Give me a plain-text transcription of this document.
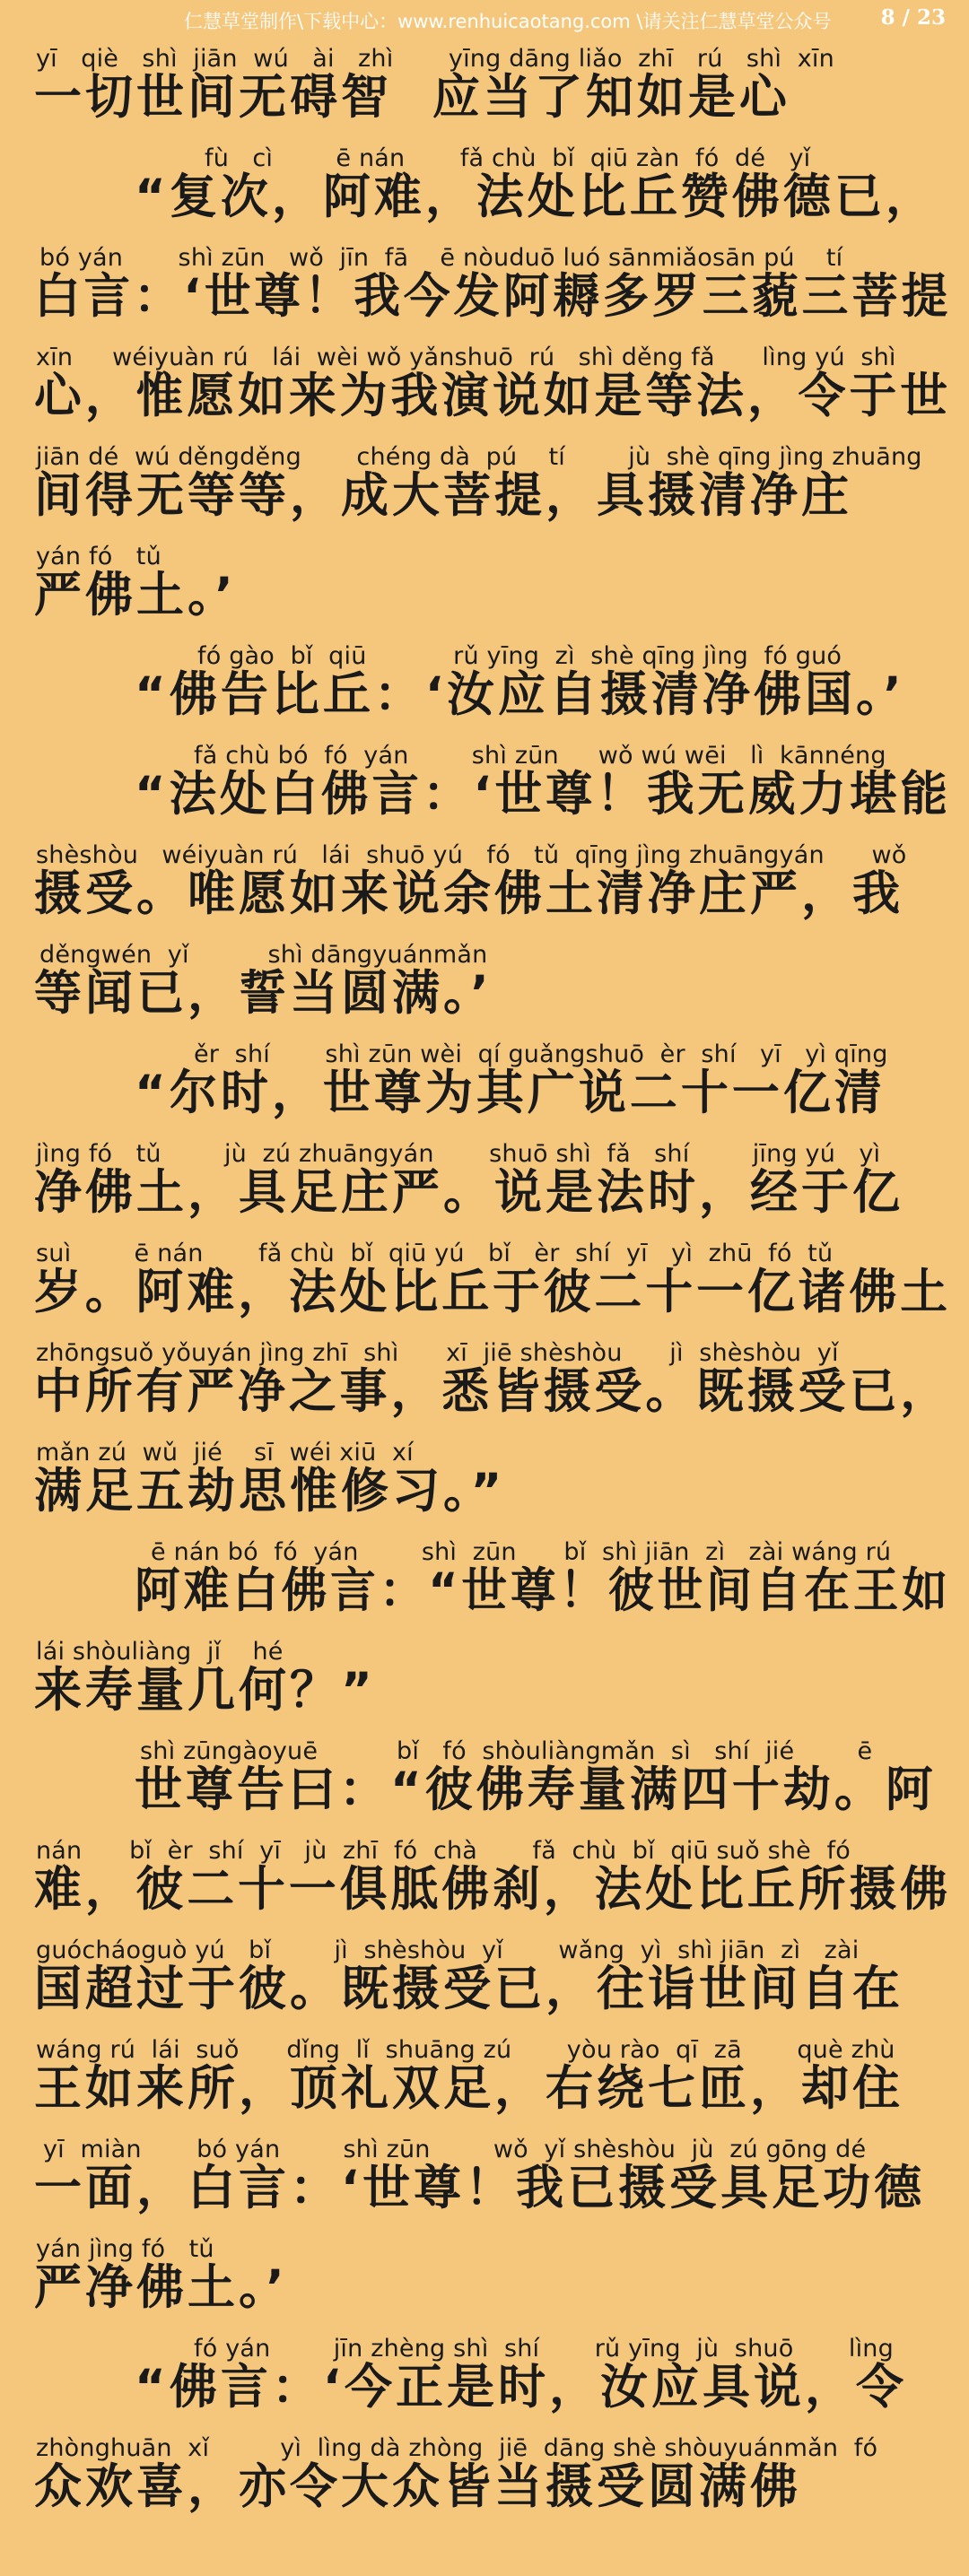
仁慧草堂制作\下载中心：www.renhuicaotang.com \请关注仁慧草堂公众号 8 / 23
yī   qiè   shì  jiān  wú   ài   zhì       yīng dāng liǎo  zhī   rú   shì  xīn
一切世间无碍智  应当了知如是心
fù   cì        ē nán       fǎ chù  bǐ  qiū zàn  fó  dé   yǐ
“复次，阿难，法处比丘赞佛德已，
bó yán       shì zūn   wǒ  jīn  fā    ē nòuduō luó sānmiǎosān pú    tí
白言：‘世尊！我今发阿耨多罗三藐三菩提
xīn     wéiyuàn rú   lái  wèi wǒ yǎnshuō  rú   shì děng fǎ      lìng yú  shì
心，惟愿如来为我演说如是等法，令于世
jiān dé  wú děngděng       chéng dà  pú    tí        jù  shè qīng jìng zhuāng
间得无等等，成大菩提，具摄清净庄
yán fó   tǔ
严佛土。’
fó gào  bǐ  qiū           rǔ yīng  zì  shè qīng jìng  fó guó
“佛告比丘：‘汝应自摄清净佛国。’
fǎ chù bó  fó  yán        shì zūn     wǒ wú wēi   lì  kānnéng
“法处白佛言：‘世尊！我无威力堪能
shèshòu   wéiyuàn rú   lái  shuō yú   fó   tǔ  qīng jìng zhuāngyán      wǒ
摄受。唯愿如来说余佛土清净庄严，我
děngwén  yǐ          shì dāngyuánmǎn
等闻已，誓当圆满。’
ěr  shí       shì zūn wèi  qí guǎngshuō  èr  shí   yī   yì qīng
“尔时，世尊为其广说二十一亿清
jìng fó   tǔ        jù  zú zhuāngyán       shuō shì  fǎ   shí        jīng yú   yì
净佛土，具足庄严。说是法时，经于亿
suì        ē nán       fǎ chù  bǐ  qiū yú   bǐ   èr  shí  yī   yì  zhū  fó  tǔ
岁。阿难，法处比丘于彼二十一亿诸佛土
zhōngsuǒ yǒuyán jìng zhī  shì      xī  jiē shèshòu      jì  shèshòu  yǐ
中所有严净之事，悉皆摄受。既摄受已，
mǎn zú  wǔ  jié    sī  wéi xiū  xí
满足五劫思惟修习。”
ē nán bó  fó  yán        shì  zūn      bǐ  shì jiān  zì   zài wáng rú
阿难白佛言：“世尊！彼世间自在王如
lái shòuliàng  jǐ    hé
来寿量几何？”
shì zūngàoyuē          bǐ   fó  shòuliàngmǎn  sì   shí  jié        ē
世尊告曰：“彼佛寿量满四十劫。阿
nán      bǐ  èr  shí  yī   jù  zhī  fó  chà       fǎ  chù  bǐ  qiū suǒ shè  fó
难，彼二十一俱胝佛刹，法处比丘所摄佛
guócháoguò yú   bǐ        jì  shèshòu  yǐ       wǎng  yì  shì jiān  zì   zài
国超过于彼。既摄受已，往诣世间自在
wáng rú  lái  suǒ      dǐng  lǐ  shuāng zú       yòu rào  qī  zā       què zhù
王如来所，顶礼双足，右绕七匝，却住
yī  miàn       bó yán        shì zūn        wǒ  yǐ shèshòu  jù  zú gōng dé
一面，白言：‘世尊！我已摄受具足功德
yán jìng fó   tǔ
严净佛土。’
fó yán        jīn zhèng shì  shí       rǔ yīng  jù  shuō       lìng
“佛言：‘今正是时，汝应具说，令
zhònghuān  xǐ         yì  lìng dà zhòng  jiē  dāng shè shòuyuánmǎn  fó
众欢喜，亦令大众皆当摄受圆满佛
